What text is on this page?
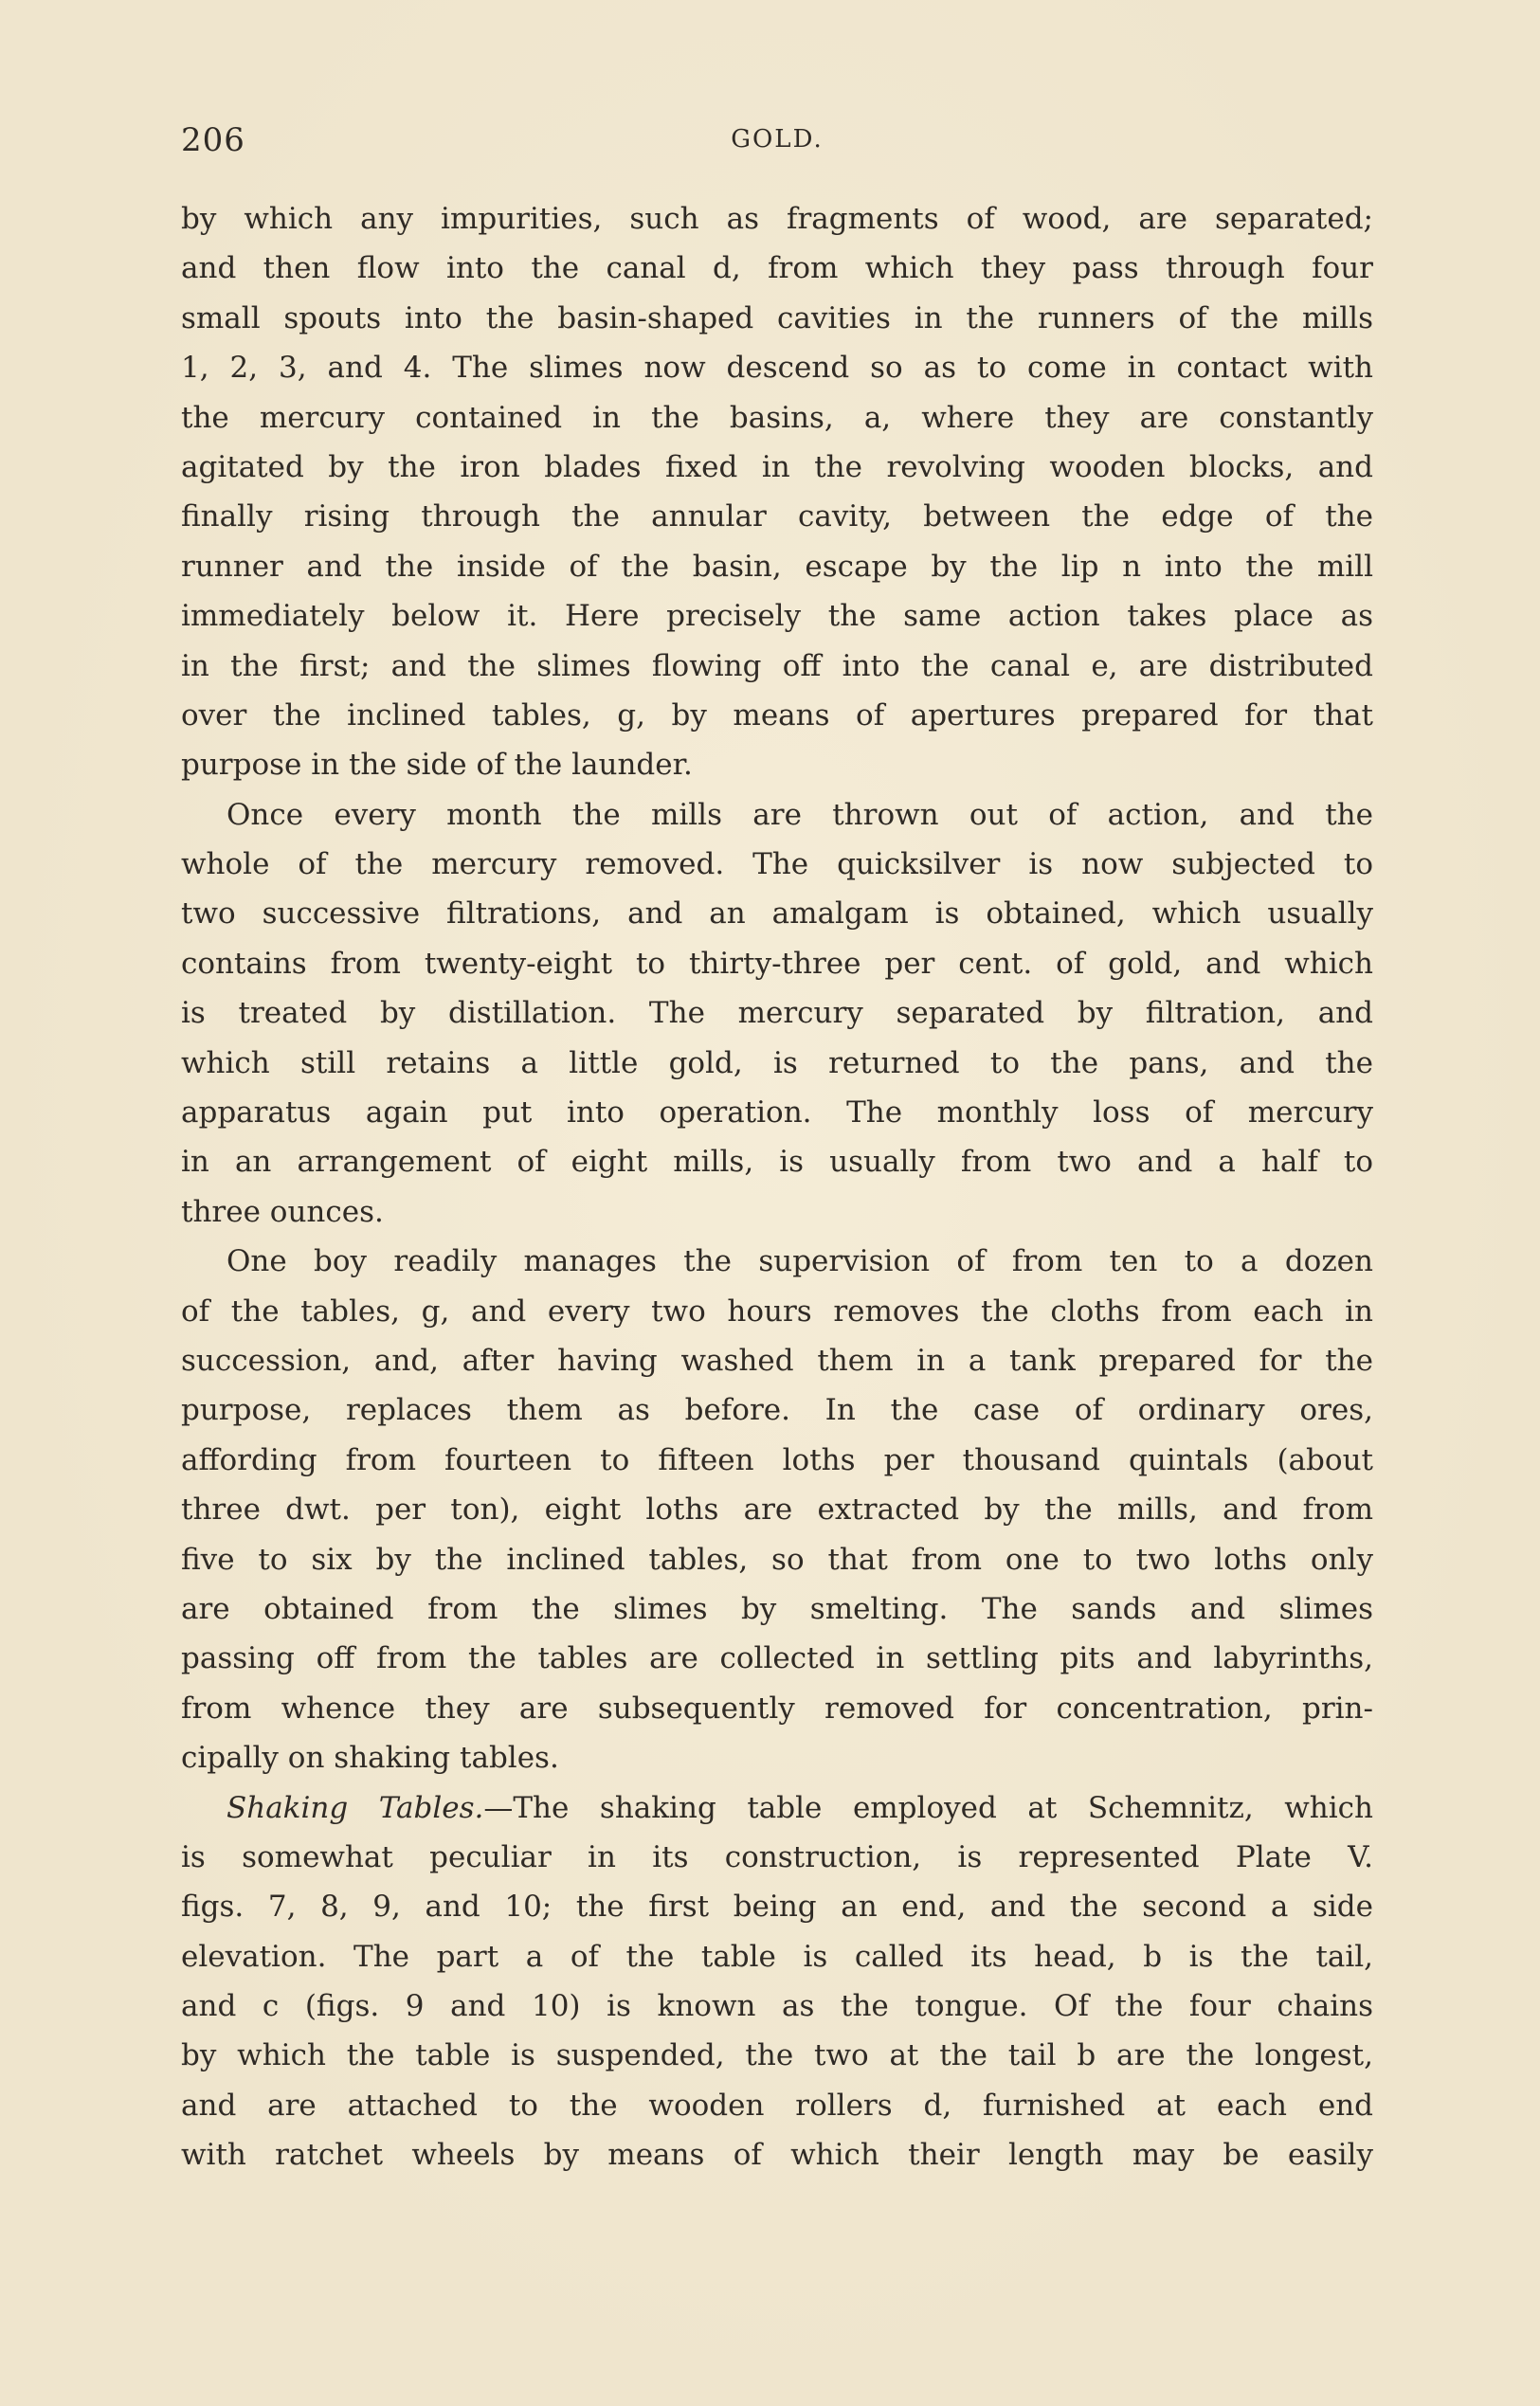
206	GOLD.
by which any impurities, such as fragments of wood, are separated;
and then flow into the canal d, from which they pass through four
small spouts into the basin-shaped cavities in the runners of the mills
1, 2, 3, and 4. The slimes now descend so as to come in contact with
the mercury contained in the basins, a, where they are constantly
agitated by the iron blades fixed in the revolving wooden blocks, and
finally rising through the annular cavity, between the edge of the
runner and the inside of the basin, escape by the lip n into the mill
immediately below it. Here precisely the same action takes place as
in the first; and the slimes flowing off into the canal e, are distributed
over the inclined tables, g, by means of apertures prepared for that
purpose in the side of the launder.
Once every month the mills are thrown out of action, and the
whole of the mercury removed. The quicksilver is now subjected to
two successive filtrations, and an amalgam is obtained, which usually
contains from twenty-eight to thirty-three per cent. of gold, and which
is treated by distillation. The mercury separated by filtration, and
which still retains a little gold, is returned to the pans, and the
apparatus again put into operation. The monthly loss of mercury
in an arrangement of eight mills, is usually from two and a half to
three ounces.
One boy readily manages the supervision of from ten to a dozen
of the tables, g, and every two hours removes the cloths from each in
succession, and, after having washed them in a tank prepared for the
purpose, replaces them as before. In the case of ordinary ores,
affording from fourteen to fifteen loths per thousand quintals (about
three dwt. per ton), eight loths are extracted by the mills, and from
five to six by the inclined tables, so that from one to two loths only
are obtained from the slimes by smelting. The sands and slimes
passing off from the tables are collected in settling pits and labyrinths,
from whence they are subsequently removed for concentration, prin-
cipally on shaking tables.
Shaking Tables.—The shaking table employed at Schemnitz, which
is somewhat peculiar in its construction, is represented Plate V.
figs. 7, 8, 9, and 10; the first being an end, and the second a side
elevation. The part a of the table is called its head, b is the tail,
and c (figs. 9 and 10) is known as the tongue. Of the four chains
by which the table is suspended, the two at the tail b are the longest,
and are attached to the wooden rollers d, furnished at each end
with ratchet wheels by means of which their length may be easily
